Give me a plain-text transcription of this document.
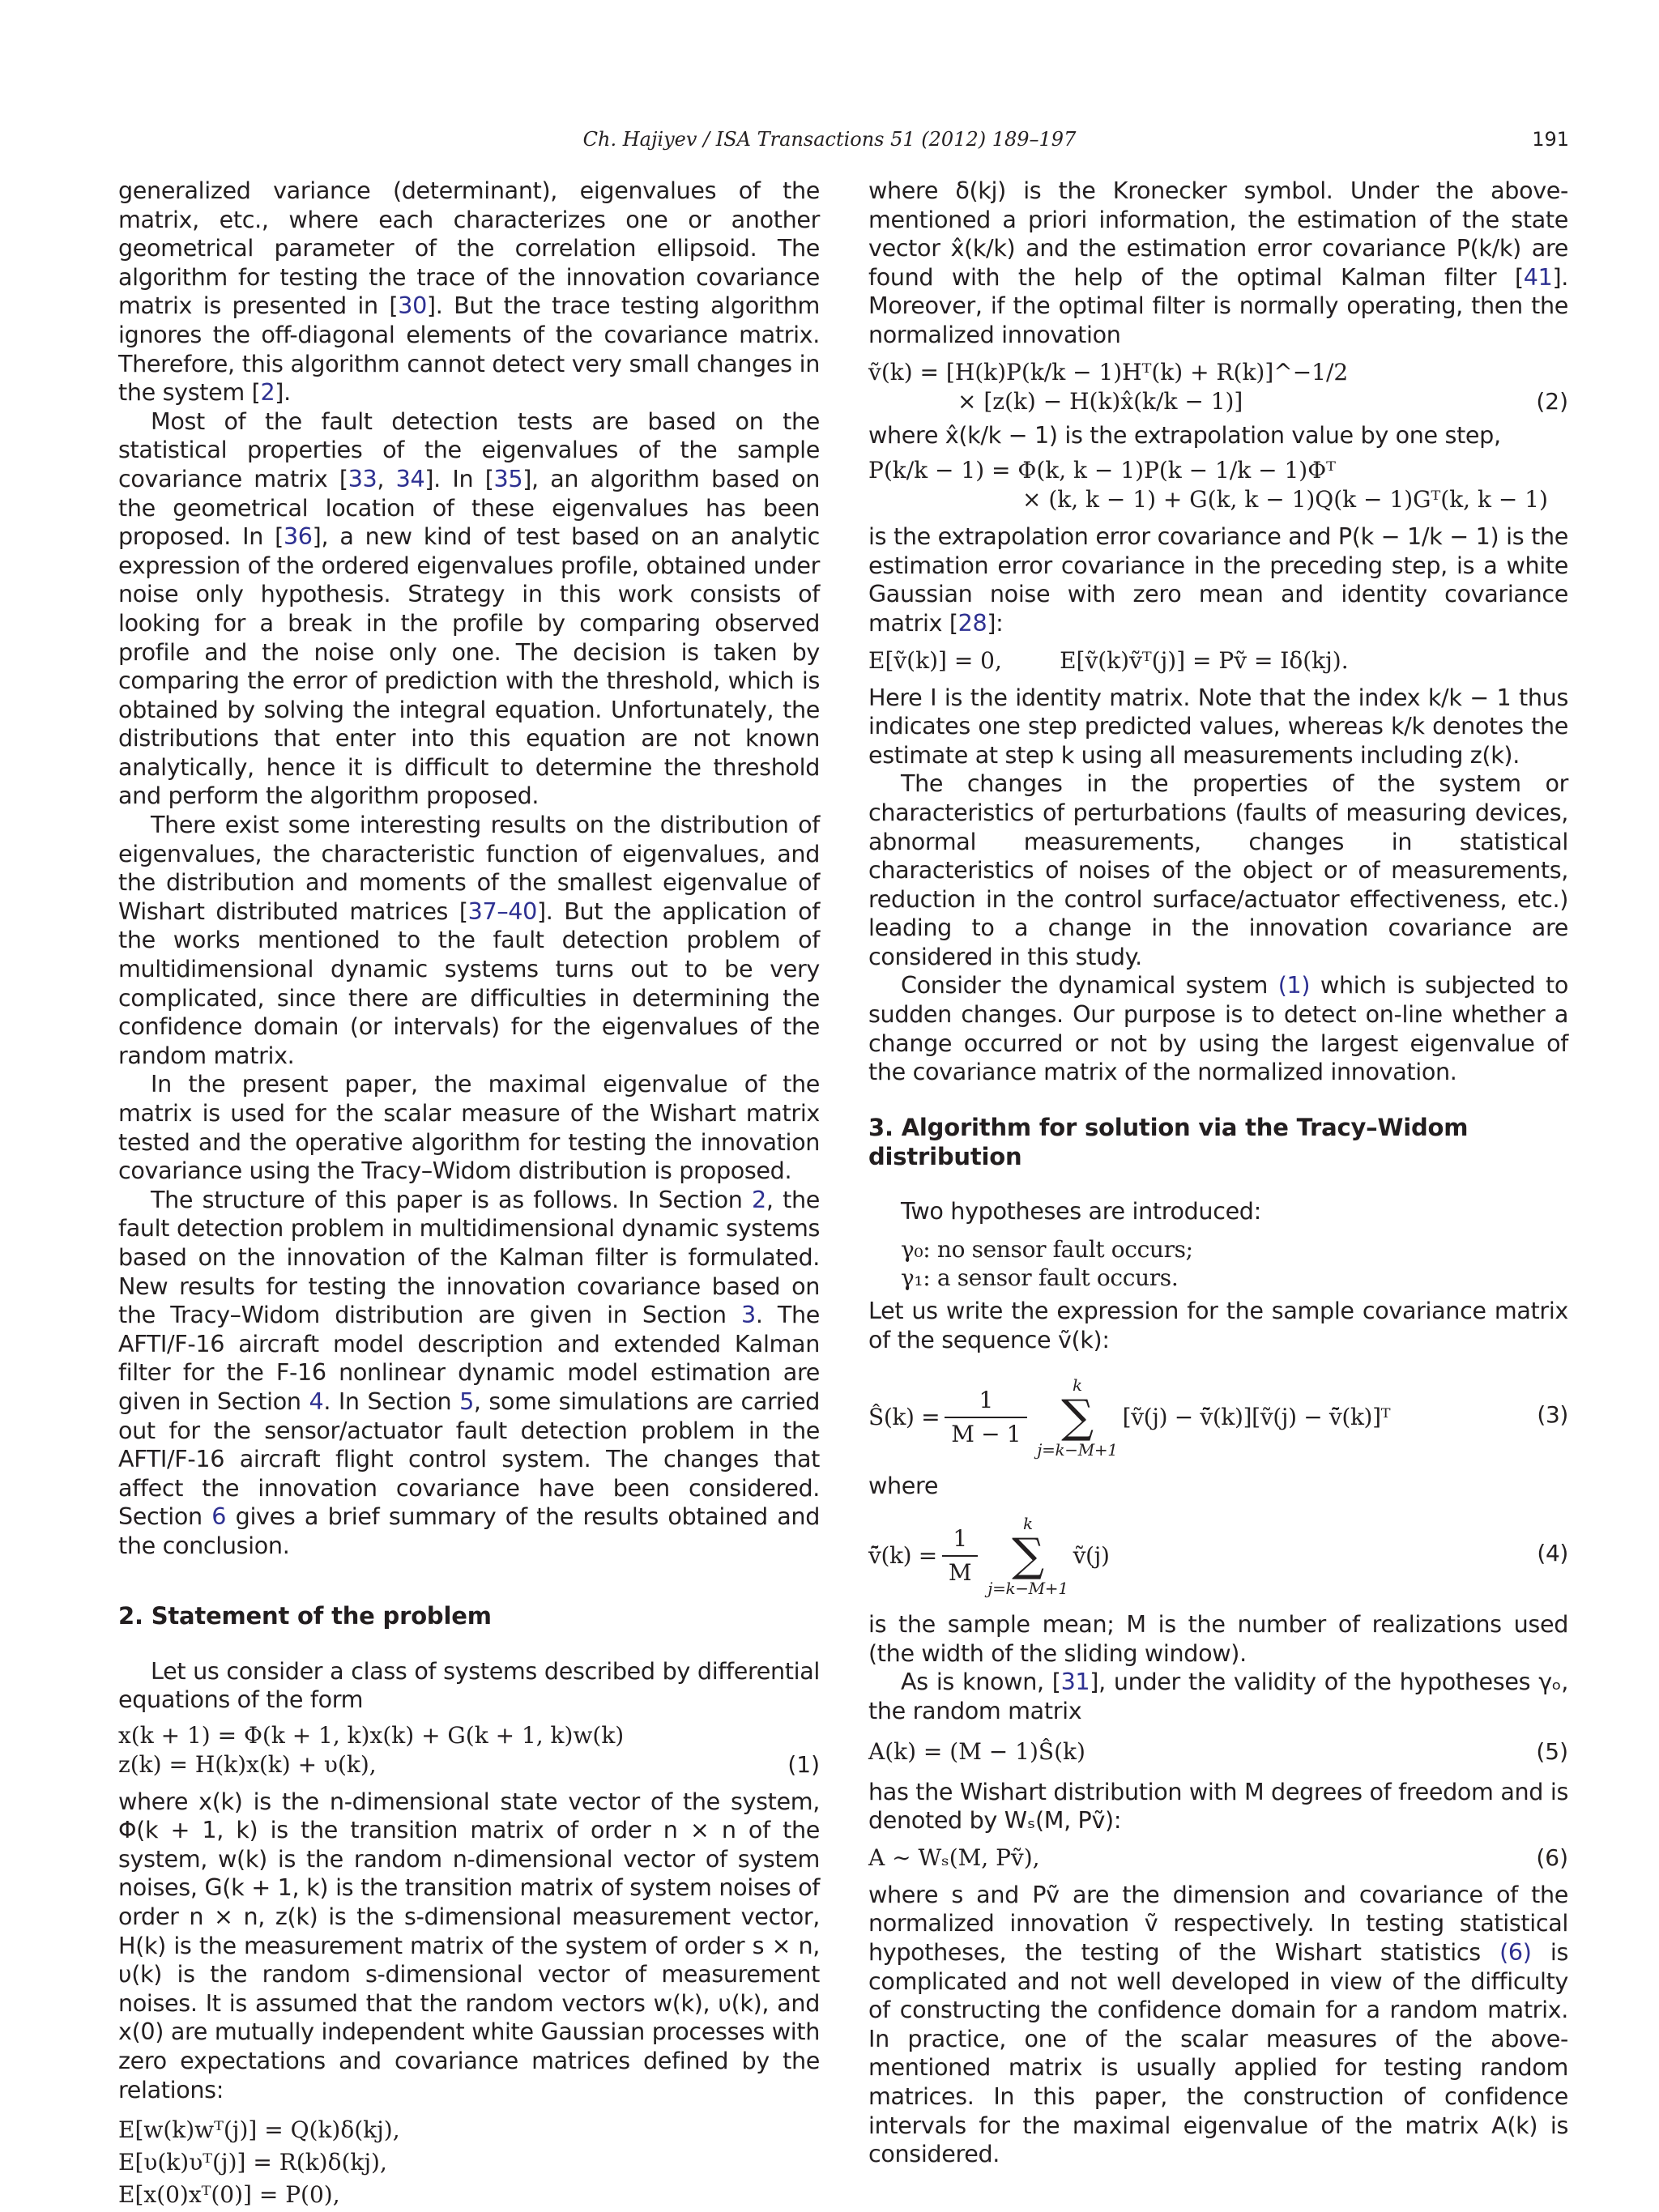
Ch. Hajiyev / ISA Transactions 51 (2012) 189–197	191

generalized variance (determinant), eigenvalues of the matrix, etc., where each characterizes one or another geometrical parameter of the correlation ellipsoid. The algorithm for testing the trace of the innovation covariance matrix is presented in [30]. But the trace testing algorithm ignores the off-diagonal elements of the covariance matrix. Therefore, this algorithm cannot detect very small changes in the system [2].

Most of the fault detection tests are based on the statistical properties of the eigenvalues of the sample covariance matrix [33, 34]. In [35], an algorithm based on the geometrical location of these eigenvalues has been proposed. In [36], a new kind of test based on an analytic expression of the ordered eigenvalues profile, obtained under noise only hypothesis. Strategy in this work consists of looking for a break in the profile by comparing observed profile and the noise only one. The decision is taken by comparing the error of prediction with the threshold, which is obtained by solving the integral equation. Unfortunately, the distributions that enter into this equation are not known analytically, hence it is difficult to determine the threshold and perform the algorithm proposed.

There exist some interesting results on the distribution of eigenvalues, the characteristic function of eigenvalues, and the distribution and moments of the smallest eigenvalue of Wishart distributed matrices [37–40]. But the application of the works mentioned to the fault detection problem of multidimensional dynamic systems turns out to be very complicated, since there are difficulties in determining the confidence domain (or intervals) for the eigenvalues of the random matrix.

In the present paper, the maximal eigenvalue of the matrix is used for the scalar measure of the Wishart matrix tested and the operative algorithm for testing the innovation covariance using the Tracy–Widom distribution is proposed.

The structure of this paper is as follows. In Section 2, the fault detection problem in multidimensional dynamic systems based on the innovation of the Kalman filter is formulated. New results for testing the innovation covariance based on the Tracy–Widom distribution are given in Section 3. The AFTI/F-16 aircraft model description and extended Kalman filter for the F-16 nonlinear dynamic model estimation are given in Section 4. In Section 5, some simulations are carried out for the sensor/actuator fault detection problem in the AFTI/F-16 aircraft flight control system. The changes that affect the innovation covariance have been considered. Section 6 gives a brief summary of the results obtained and the conclusion.

2. Statement of the problem

Let us consider a class of systems described by differential equations of the form

x(k + 1) = Φ(k + 1, k)x(k) + G(k + 1, k)w(k)
z(k) = H(k)x(k) + υ(k),	(1)

where x(k) is the n-dimensional state vector of the system, Φ(k + 1, k) is the transition matrix of order n × n of the system, w(k) is the random n-dimensional vector of system noises, G(k + 1, k) is the transition matrix of system noises of order n × n, z(k) is the s-dimensional measurement vector, H(k) is the measurement matrix of the system of order s × n, υ(k) is the random s-dimensional vector of measurement noises. It is assumed that the random vectors w(k), υ(k), and x(0) are mutually independent white Gaussian processes with zero expectations and covariance matrices defined by the relations:

E[w(k)wᵀ(j)] = Q(k)δ(kj),
E[υ(k)υᵀ(j)] = R(k)δ(kj),
E[x(0)xᵀ(0)] = P(0),

where δ(kj) is the Kronecker symbol. Under the above-mentioned a priori information, the estimation of the state vector x̂(k/k) and the estimation error covariance P(k/k) are found with the help of the optimal Kalman filter [41]. Moreover, if the optimal filter is normally operating, then the normalized innovation

ṽ(k) = [H(k)P(k/k − 1)Hᵀ(k) + R(k)]^−1/2
× [z(k) − H(k)x̂(k/k − 1)]	(2)

where x̂(k/k − 1) is the extrapolation value by one step,

P(k/k − 1) = Φ(k, k − 1)P(k − 1/k − 1)Φᵀ
× (k, k − 1) + G(k, k − 1)Q(k − 1)Gᵀ(k, k − 1)

is the extrapolation error covariance and P(k − 1/k − 1) is the estimation error covariance in the preceding step, is a white Gaussian noise with zero mean and identity covariance matrix [28]:

E[ṽ(k)] = 0,        E[ṽ(k)ṽᵀ(j)] = Pṽ = Iδ(kj).

Here I is the identity matrix. Note that the index k/k − 1 thus indicates one step predicted values, whereas k/k denotes the estimate at step k using all measurements including z(k).

The changes in the properties of the system or characteristics of perturbations (faults of measuring devices, abnormal measurements, changes in statistical characteristics of noises of the object or of measurements, reduction in the control surface/actuator effectiveness, etc.) leading to a change in the innovation covariance are considered in this study.

Consider the dynamical system (1) which is subjected to sudden changes. Our purpose is to detect on-line whether a change occurred or not by using the largest eigenvalue of the covariance matrix of the normalized innovation.

3. Algorithm for solution via the Tracy–Widom distribution

Two hypotheses are introduced:

γ₀: no sensor fault occurs;
γ₁: a sensor fault occurs.

Let us write the expression for the sample covariance matrix of the sequence ṽ(k):

Ŝ(k) = $\frac{1}{M - 1}$	k
∑
j=k−M+1
[ṽ(j) − v̄̃(k)][ṽ(j) − v̄̃(k)]ᵀ	(3)

where

v̄̃(k) = $\frac{1}{M}$	k
∑
j=k−M+1
ṽ(j)	(4)

is the sample mean; M is the number of realizations used (the width of the sliding window).

As is known, [31], under the validity of the hypotheses γₒ, the random matrix

A(k) = (M − 1)Ŝ(k)	(5)

has the Wishart distribution with M degrees of freedom and is denoted by Wₛ(M, Pṽ):

A ∼ Wₛ(M, Pṽ),	(6)

where s and Pṽ are the dimension and covariance of the normalized innovation ṽ respectively. In testing statistical hypotheses, the testing of the Wishart statistics (6) is complicated and not well developed in view of the difficulty of constructing the confidence domain for a random matrix. In practice, one of the scalar measures of the above-mentioned matrix is usually applied for testing random matrices. In this paper, the construction of confidence intervals for the maximal eigenvalue of the matrix A(k) is considered.
